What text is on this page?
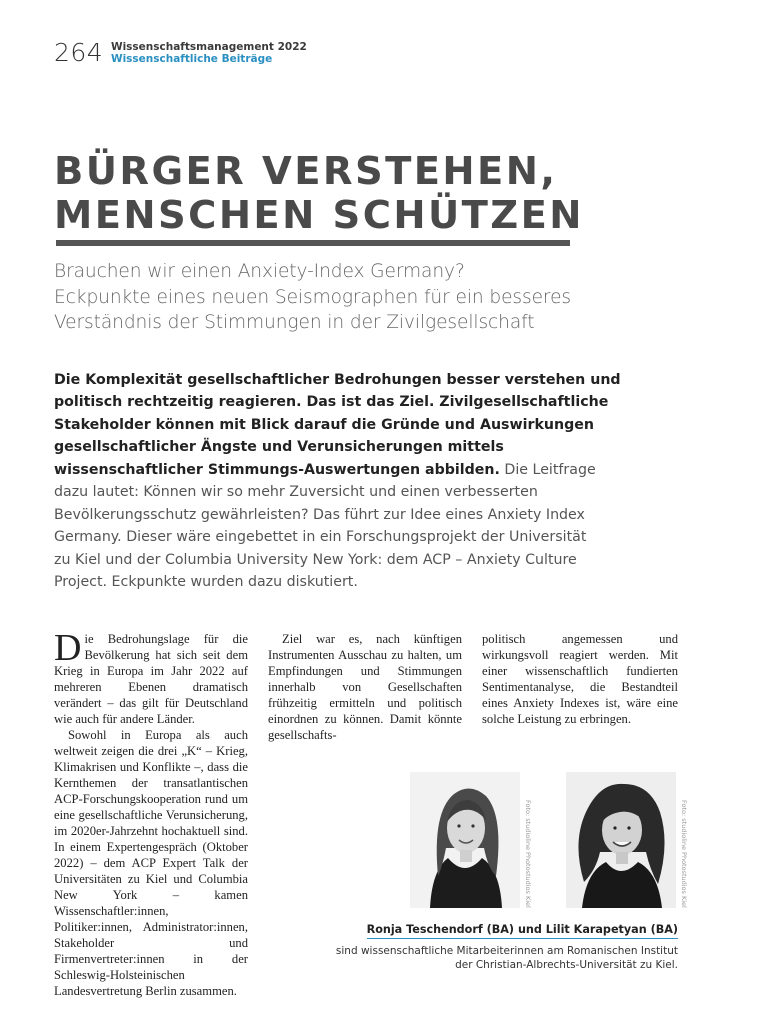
264 Wissenschaftsmanagement 2022
Wissenschaftliche Beiträge
BÜRGER VERSTEHEN,
MENSCHEN SCHÜTZEN
Brauchen wir einen Anxiety-Index Germany?
Eckpunkte eines neuen Seismographen für ein besseres
Verständnis der Stimmungen in der Zivilgesellschaft
Die Komplexität gesellschaftlicher Bedrohungen besser verstehen und
politisch rechtzeitig reagieren. Das ist das Ziel. Zivilgesellschaftliche
Stakeholder können mit Blick darauf die Gründe und Auswirkungen
gesellschaftlicher Ängste und Verunsicherungen mittels
wissenschaftlicher Stimmungs-Auswertungen abbilden. Die Leitfrage
dazu lautet: Können wir so mehr Zuversicht und einen verbesserten
Bevölkerungsschutz gewährleisten? Das führt zur Idee eines Anxiety Index
Germany. Dieser wäre eingebettet in ein Forschungsprojekt der Universität
zu Kiel und der Columbia University New York: dem ACP – Anxiety Culture
Project. Eckpunkte wurden dazu diskutiert.

Die Bedrohungslage für die Bevölkerung hat sich seit dem Krieg in Europa im Jahr 2022 auf mehreren Ebenen dramatisch verändert – das gilt für Deutschland wie auch für andere Länder.

Sowohl in Europa als auch weltweit zeigen die drei „K“ – Krieg, Klimakrisen und Konflikte –, dass die Kernthemen der transatlantischen ACP-Forschungskooperation rund um eine gesellschaftliche Verunsicherung, im 2020er-Jahrzehnt hochaktuell sind. In einem Expertengespräch (Oktober 2022) – dem ACP Expert Talk der Universitäten zu Kiel und Columbia New York – kamen Wissenschaftler:innen, Politiker:innen, Administrator:innen, Stakeholder und Firmenvertreter:innen in der Schleswig-Holsteinischen Landesvertretung Berlin zusammen.

Ziel war es, nach künftigen Instrumenten Ausschau zu halten, um Empfindungen und Stimmungen innerhalb von Gesellschaften frühzeitig ermitteln und politisch einordnen zu können. Damit könnte gesellschafts-

politisch angemessen und wirkungsvoll reagiert werden. Mit einer wissenschaftlich fundierten Sentimentanalyse, die Bestandteil eines Anxiety Indexes ist, wäre eine solche Leistung zu erbringen.

Foto: studioline Photostudios Kiel	Foto: studioline Photostudios Kiel
Ronja Teschendorf (BA) und Lilit Karapetyan (BA)
sind wissenschaftliche Mitarbeiterinnen am Romanischen Institut
der Christian-Albrechts-Universität zu Kiel.
